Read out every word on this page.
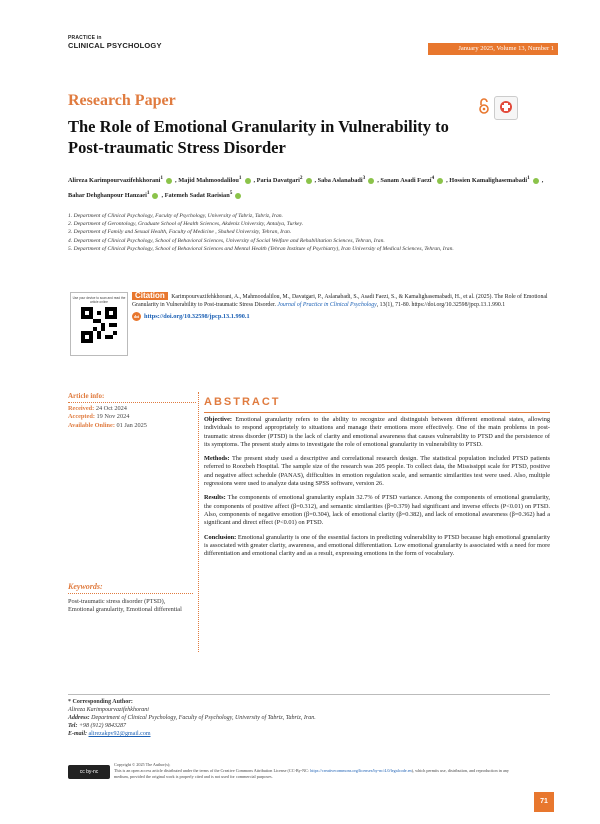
PRACTICE in
CLINICAL PSYCHOLOGY	January 2025, Volume 13, Number 1
Research Paper
The Role of Emotional Granularity in Vulnerability to Post-traumatic Stress Disorder
Alireza Karimpourvazifehkhorani$^1$ , Majid Mahmoodalilou$^1$ , Paria Davatgari$^2$ , Saba Aslanabadi$^3$ , Sanam Asadi Faezi$^4$ , Hossien Kamalighasemabadi$^1$ , Bahar Dehghanpour Hanzaei$^1$ , Fatemeh Sadat Raeisian$^5$
1. Department of Clinical Psychology, Faculty of Psychology, University of Tabriz, Tabriz, Iran.
2. Department of Gerontology, Graduate School of Health Sciences, Akdeniz University, Antalya, Turkey.
3. Department of Family and Sexual Health, Faculty of Medicine , Shahed University, Tehran, Iran.
4. Department of Clinical Psychology, School of Behavioral Sciences, University of Social Welfare and Rehabilitation Sciences, Tehran, Iran.
5. Department of Clinical Psychology, School of Behavioral Sciences and Mental Health (Tehran Institute of Psychiatry), Iran University of Medical Sciences, Tehran, Iran.
Use your device to scan and read the article online
Citation Karimpourvazifehkhorani, A., Mahmoodalilou, M., Davatgari, P., Aslanabadi, S., Asadi Faezi, S., & Kamalighasemabadi, H., et al. (2025). The Role of Emotional Granularity in Vulnerability to Post-traumatic Stress Disorder. Journal of Practice in Clinical Psychology, 13(1), 71-80. https://doi.org/10.32598/jpcp.13.1.990.1
doi https://doi.org/10.32598/jpcp.13.1.990.1
Article info:
Received: 24 Oct 2024
Accepted: 19 Nov 2024
Available Online: 01 Jan 2025
Keywords:
Post-traumatic stress disorder (PTSD), Emotional granularity, Emotional differential
ABSTRACT

Objective: Emotional granularity refers to the ability to recognize and distinguish between different emotional states, allowing individuals to respond appropriately to situations and manage their emotions more effectively. One of the main problems in post-traumatic stress disorder (PTSD) is the lack of clarity and emotional awareness that causes vulnerability to PTSD and the persistence of its symptoms. The present study aims to investigate the role of emotional granularity in vulnerability to PTSD.

Methods: The present study used a descriptive and correlational research design. The statistical population included PTSD patients referred to Roozbeh Hospital. The sample size of the research was 205 people. To collect data, the Mississippi scale for PTSD, positive and negative affect schedule (PANAS), difficulties in emotion regulation scale, and semantic similarities test were used. Also, multiple regressions were used to analyze data using SPSS software, version 26.

Results: The components of emotional granularity explain 32.7% of PTSD variance. Among the components of emotional granularity, the components of positive affect (β=0.312), and semantic similarities (β=0.379) had significant and inverse effects (P<0.01) on PTSD. Also, components of negative emotion (β=0.304), lack of emotional clarity (β=0.382), and lack of emotional awareness (β=0.362) had a significant and direct effect (P<0.01) on PTSD.

Conclusion: Emotional granularity is one of the essential factors in predicting vulnerability to PTSD because high emotional granularity is associated with greater clarity, awareness, and emotional differentiation. Low emotional granularity is associated with a need for more differentiation and emotional clarity and as a result, expressing emotions in the form of vocabulary.

* Corresponding Author:
Alireza Karimpourvazifehkhorani
Address: Department of Clinical Psychology, Faculty of Psychology, University of Tabriz, Tabriz, Iran.
Tel: +98 (912) 9843287
E-mail: alirezakpv92@gmail.com
cc by-nc
Copyright © 2025 The Author(s);
This is an open access article distributed under the terms of the Creative Commons Attribution License (CC-By-NC: https://creativecommons.org/licenses/by-nc/4.0/legalcode.en), which permits use, distribution, and reproduction in any medium, provided the original work is properly cited and is not used for commercial purposes.
71
